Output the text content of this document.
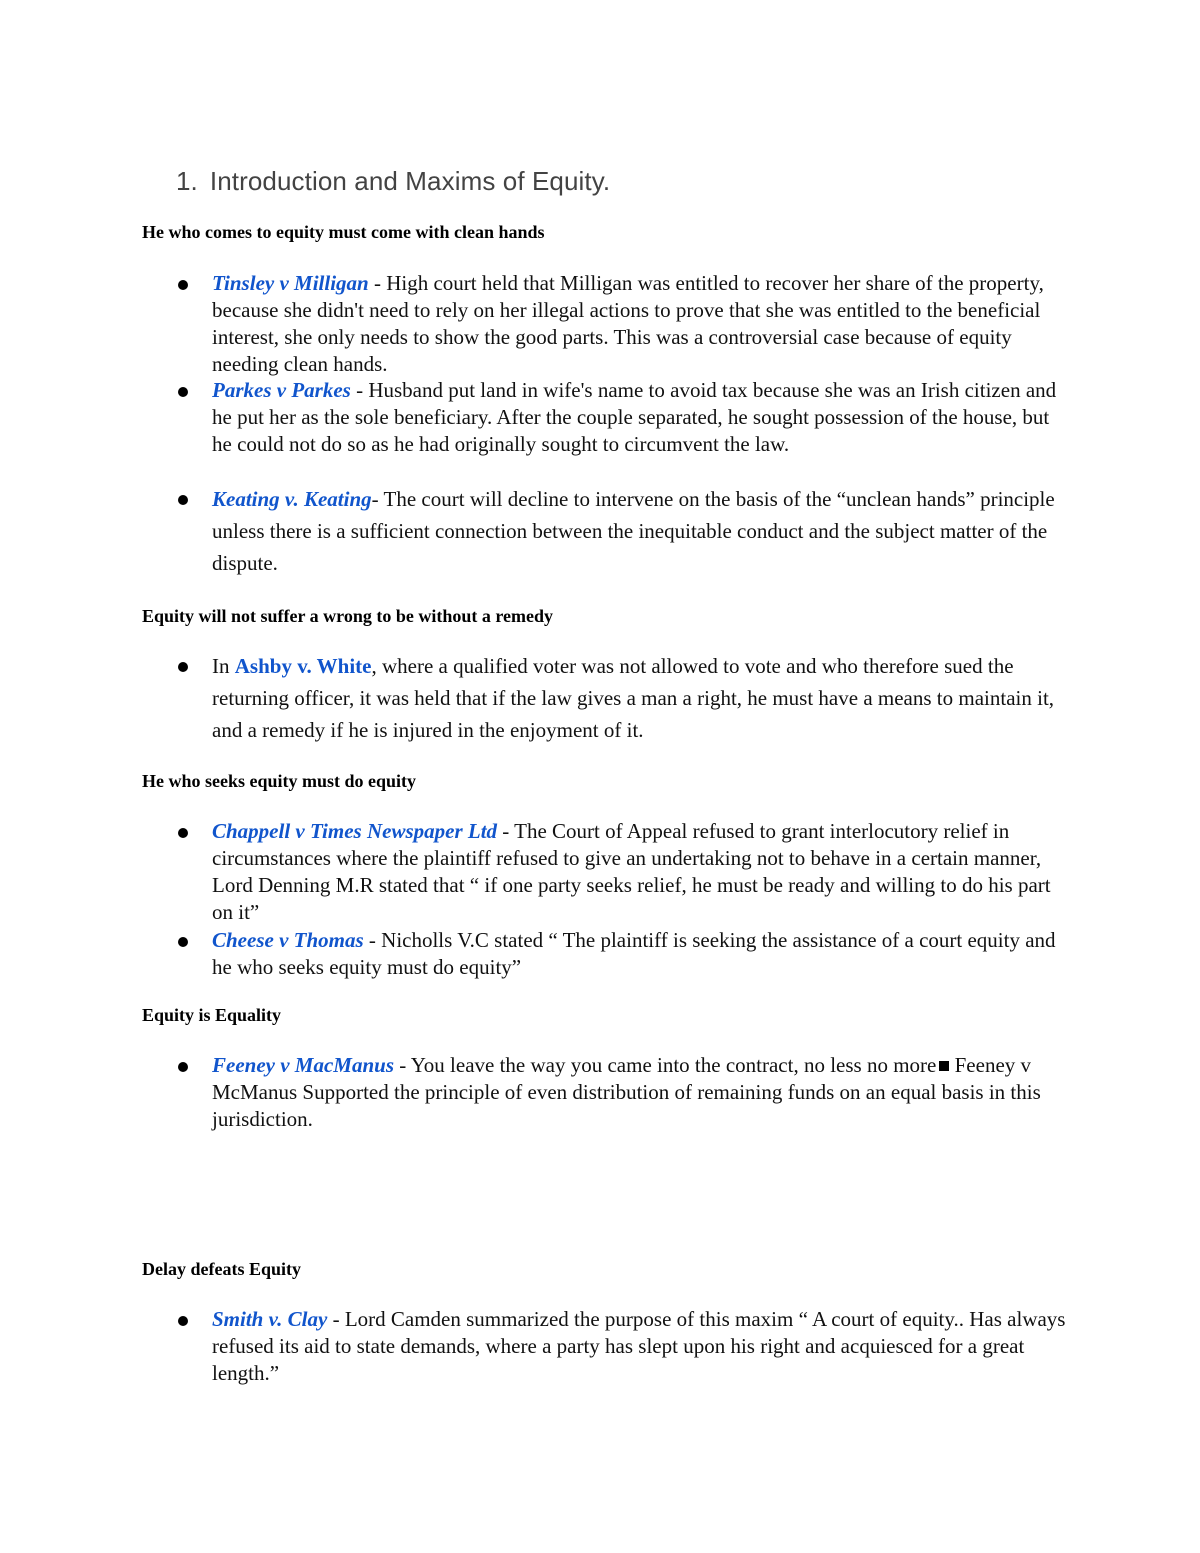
1. Introduction and Maxims of Equity.
He who comes to equity must come with clean hands
Tinsley v Milligan - High court held that Milligan was entitled to recover her share of the property, because she didn't need to rely on her illegal actions to prove that she was entitled to the beneficial interest, she only needs to show the good parts. This was a controversial case because of equity needing clean hands.
Parkes v Parkes - Husband put land in wife's name to avoid tax because she was an Irish citizen and he put her as the sole beneficiary. After the couple separated, he sought possession of the house, but he could not do so as he had originally sought to circumvent the law.
Keating v. Keating- The court will decline to intervene on the basis of the “unclean hands” principle unless there is a sufficient connection between the inequitable conduct and the subject matter of the dispute.
Equity will not suffer a wrong to be without a remedy
In Ashby v. White, where a qualified voter was not allowed to vote and who therefore sued the returning officer, it was held that if the law gives a man a right, he must have a means to maintain it, and a remedy if he is injured in the enjoyment of it.
He who seeks equity must do equity
Chappell v Times Newspaper Ltd - The Court of Appeal refused to grant interlocutory relief in circumstances where the plaintiff refused to give an undertaking not to behave in a certain manner, Lord Denning M.R stated that “ if one party seeks relief, he must be ready and willing to do his part on it”
Cheese v Thomas - Nicholls V.C stated “ The plaintiff is seeking the assistance of a court equity and he who seeks equity must do equity”
Equity is Equality
Feeney v MacManus - You leave the way you came into the contract, no less no more Feeney v McManus Supported the principle of even distribution of remaining funds on an equal basis in this jurisdiction.
Delay defeats Equity
Smith v. Clay - Lord Camden summarized the purpose of this maxim “ A court of equity.. Has always refused its aid to state demands, where a party has slept upon his right and acquiesced for a great length.”
